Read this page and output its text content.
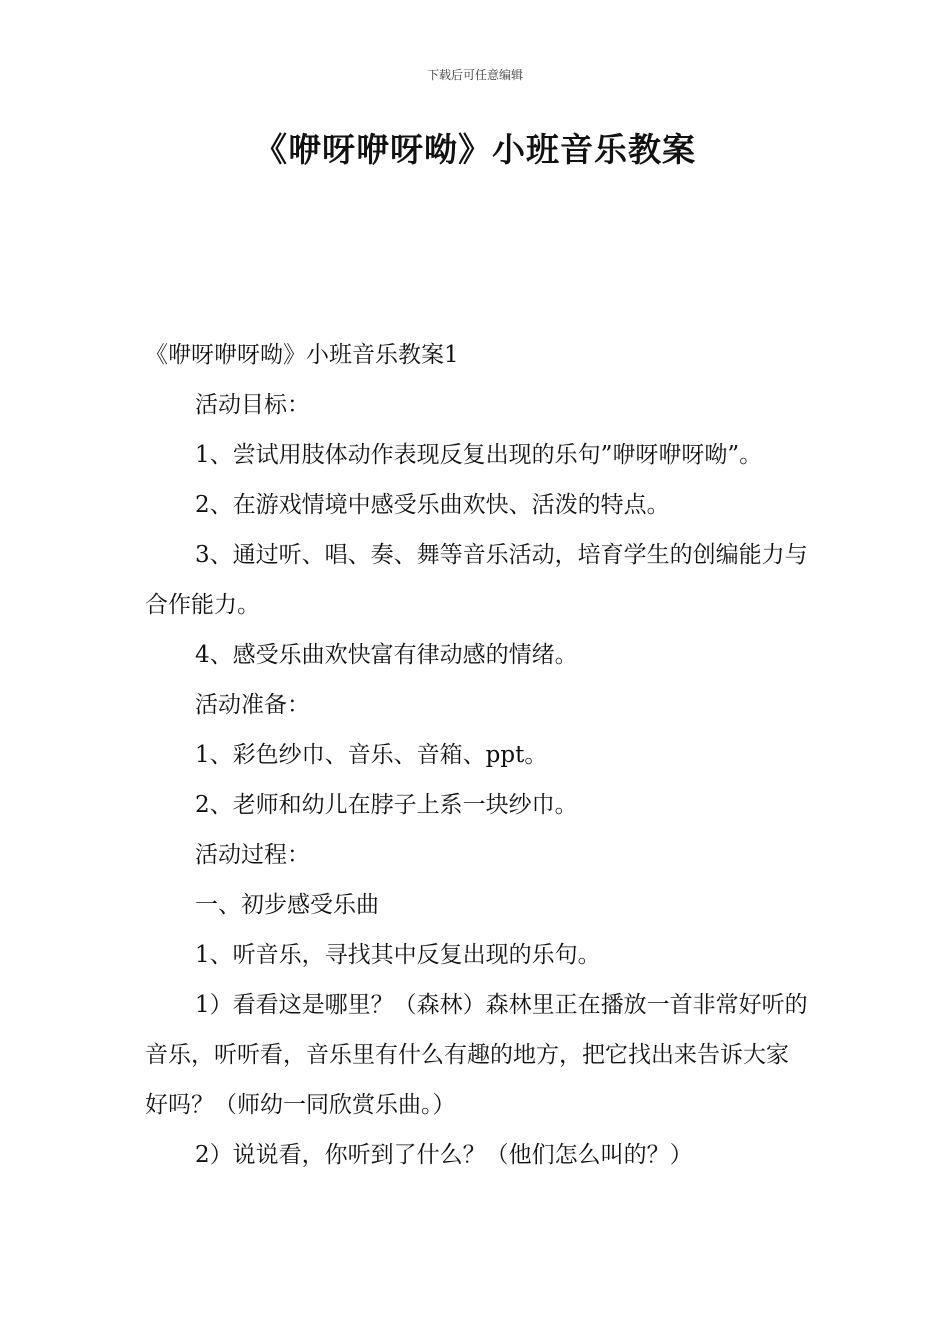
下载后可任意编辑
《咿呀咿呀呦》小班音乐教案

《咿呀咿呀呦》小班音乐教案1

活动目标：

1、尝试用肢体动作表现反复出现的乐句”咿呀咿呀呦”。

2、在游戏情境中感受乐曲欢快、活泼的特点。

3、通过听、唱、奏、舞等音乐活动，培育学生的创编能力与合作能力。

4、感受乐曲欢快富有律动感的情绪。

活动准备：

1、彩色纱巾、音乐、音箱、ppt。

2、老师和幼儿在脖子上系一块纱巾。

活动过程：

一、初步感受乐曲

1、听音乐，寻找其中反复出现的乐句。

1）看看这是哪里？（森林）森林里正在播放一首非常好听的音乐，听听看，音乐里有什么有趣的地方，把它找出来告诉大家好吗？（师幼一同欣赏乐曲。）

2）说说看，你听到了什么？（他们怎么叫的？）
